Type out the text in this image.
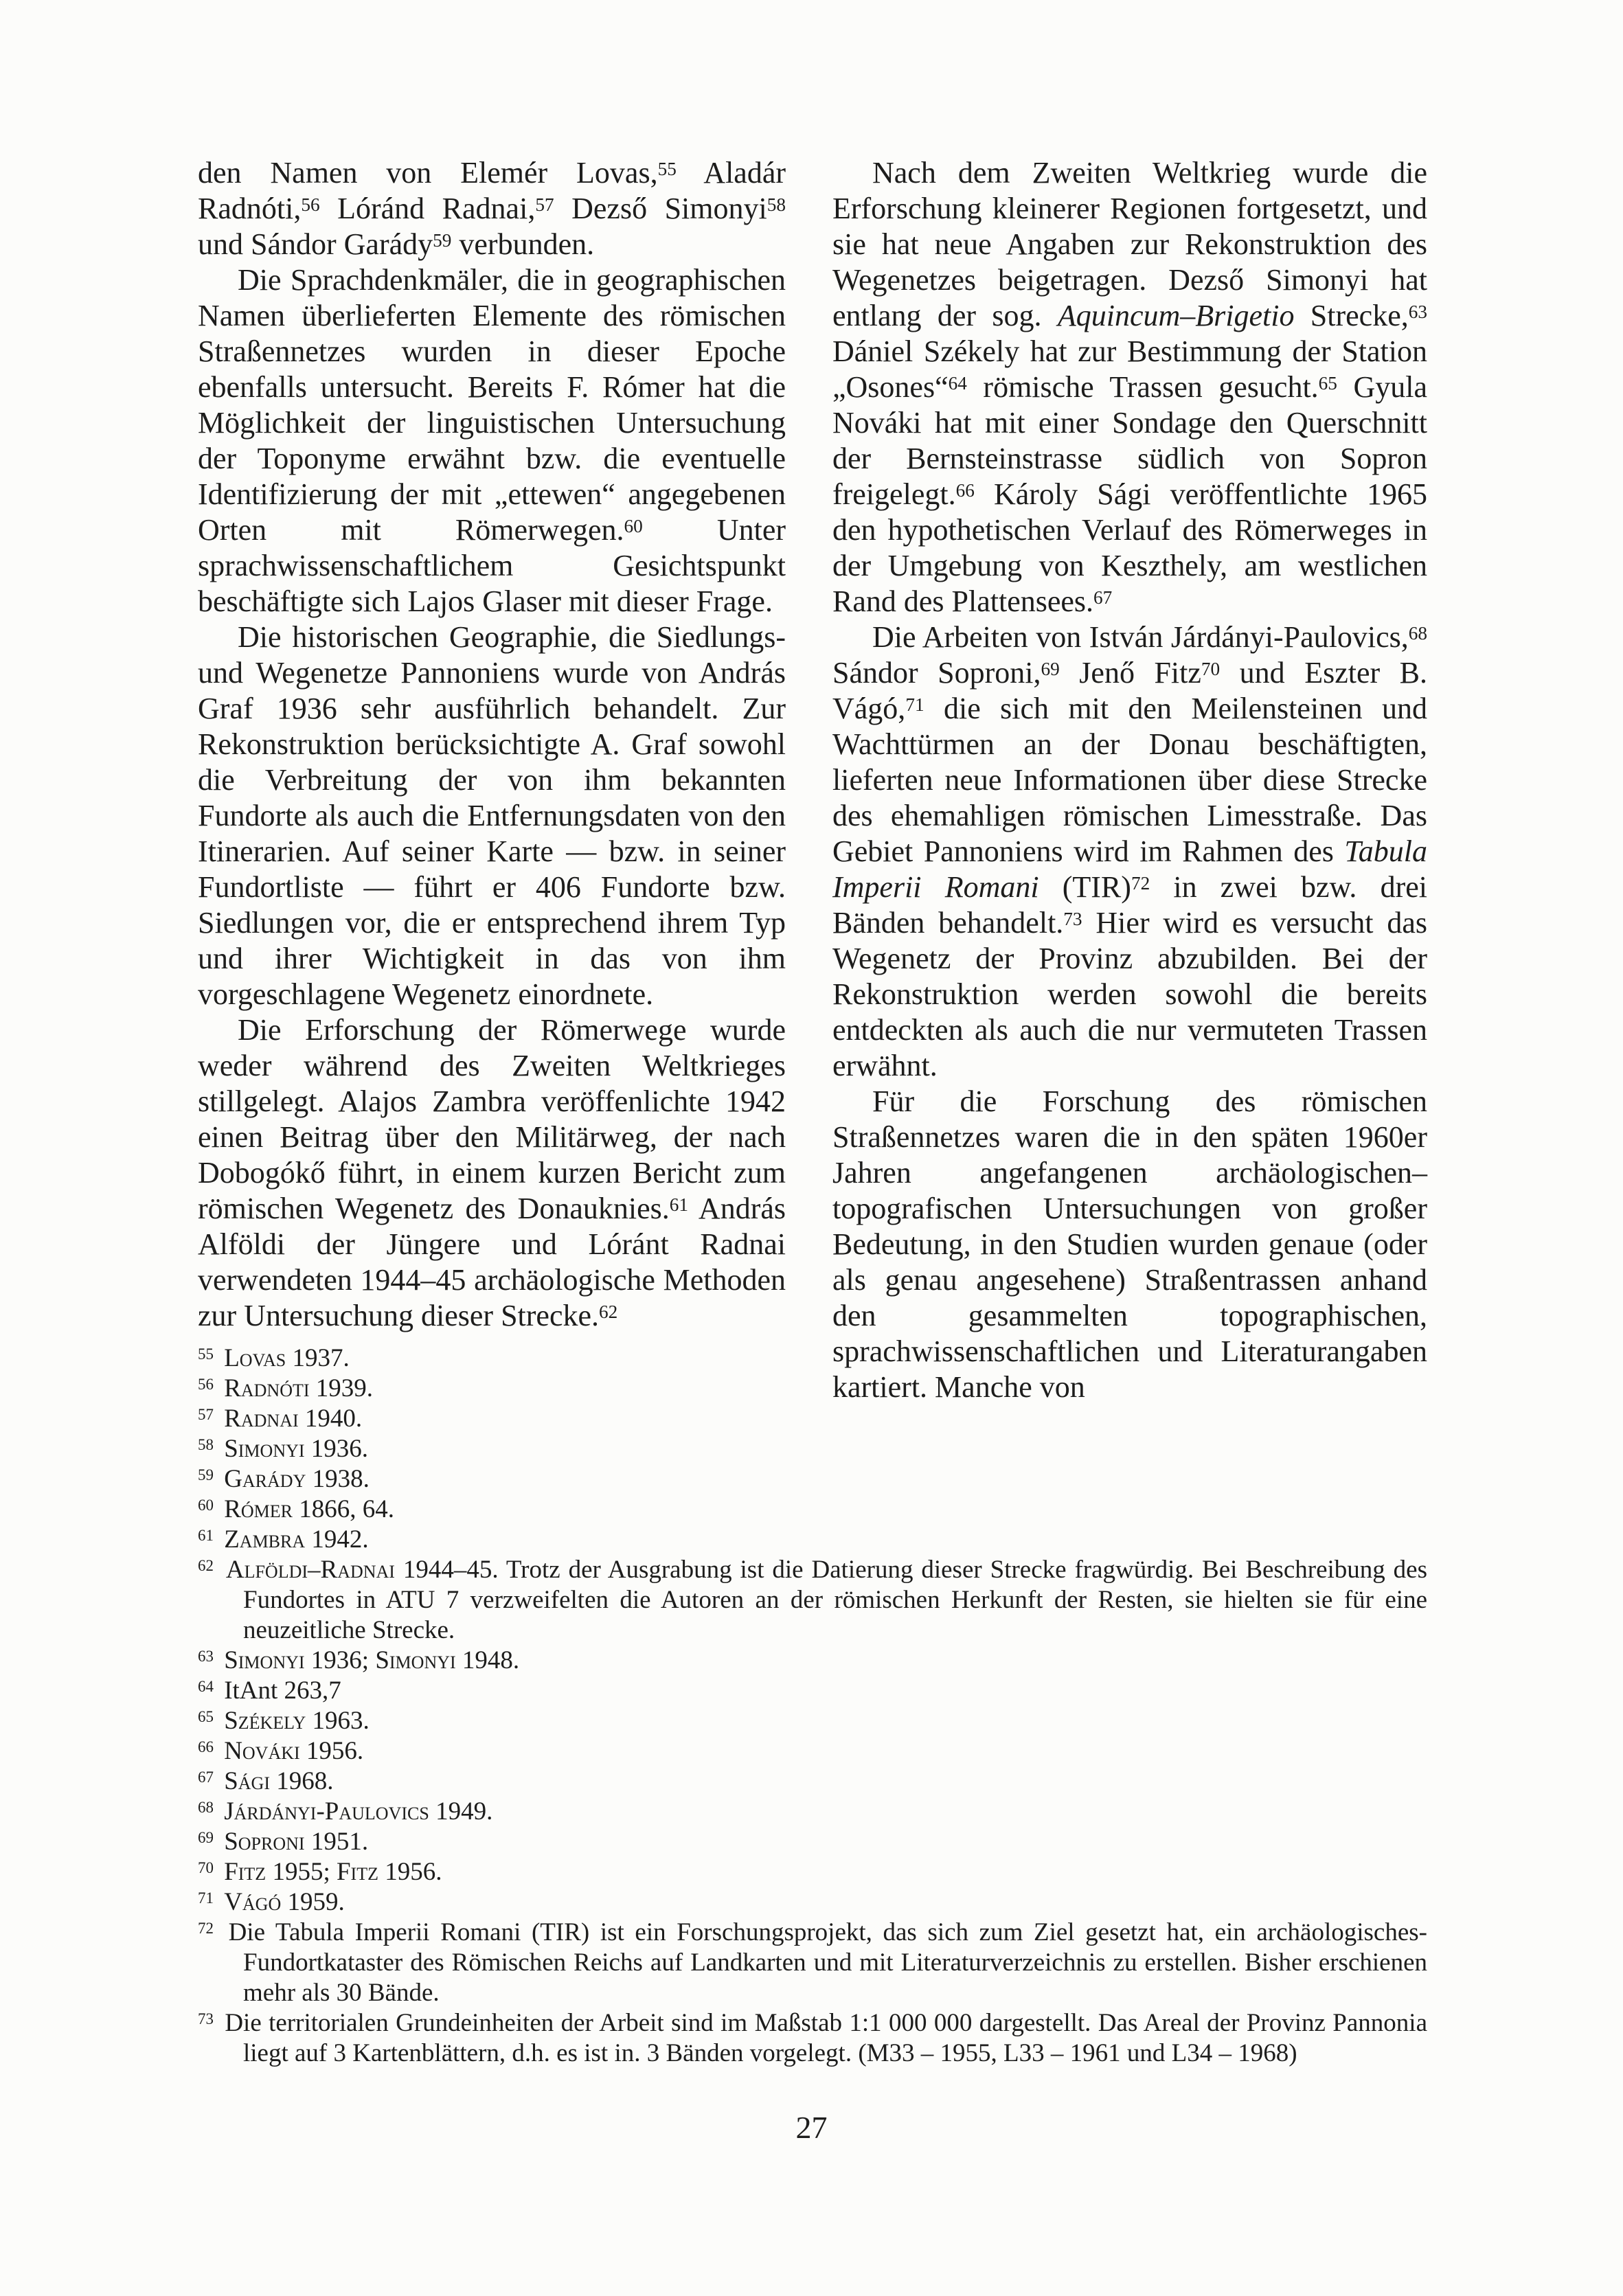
den Namen von Elemér Lovas,$^{55}$ Aladár Radnóti,$^{56}$ Lóránd Radnai,$^{57}$ Dezső Simonyi$^{58}$ und Sándor Garády$^{59}$ verbunden.

Die Sprachdenkmäler, die in geographischen Namen überlieferten Elemente des römischen Straßennetzes wurden in dieser Epoche ebenfalls untersucht. Bereits F. Rómer hat die Möglichkeit der linguistischen Untersuchung der Toponyme erwähnt bzw. die eventuelle Identifizierung der mit „ettewen“ angegebenen Orten mit Römerwegen.$^{60}$ Unter sprachwissenschaftlichem Gesichtspunkt beschäftigte sich Lajos Glaser mit dieser Frage.

Die historischen Geographie, die Siedlungs- und Wegenetze Pannoniens wurde von András Graf 1936 sehr ausführlich behandelt. Zur Rekonstruktion berücksichtigte A. Graf sowohl die Verbreitung der von ihm bekannten Fundorte als auch die Entfernungsdaten von den Itinerarien. Auf seiner Karte — bzw. in seiner Fundortliste — führt er 406 Fundorte bzw. Siedlungen vor, die er entsprechend ihrem Typ und ihrer Wichtigkeit in das von ihm vorgeschlagene Wegenetz einordnete.

Die Erforschung der Römerwege wurde weder während des Zweiten Weltkrieges stillgelegt. Alajos Zambra veröffenlichte 1942 einen Beitrag über den Militärweg, der nach Dobogókő führt, in einem kurzen Bericht zum römischen Wegenetz des Donauknies.$^{61}$ András Alföldi der Jüngere und Lóránt Radnai verwendeten 1944–45 archäologische Methoden zur Untersuchung dieser Strecke.$^{62}$

Nach dem Zweiten Weltkrieg wurde die Erforschung kleinerer Regionen fortgesetzt, und sie hat neue Angaben zur Rekonstruktion des Wegenetzes beigetragen. Dezső Simonyi hat entlang der sog. Aquincum–Brigetio Strecke,$^{63}$ Dániel Székely hat zur Bestimmung der Station „Osones“$^{64}$ römische Trassen gesucht.$^{65}$ Gyula Nováki hat mit einer Sondage den Querschnitt der Bernsteinstrasse südlich von Sopron freigelegt.$^{66}$ Károly Sági veröffentlichte 1965 den hypothetischen Verlauf des Römerweges in der Umgebung von Keszthely, am westlichen Rand des Plattensees.$^{67}$

Die Arbeiten von István Járdányi-Paulovics,$^{68}$ Sándor Soproni,$^{69}$ Jenő Fitz$^{70}$ und Eszter B. Vágó,$^{71}$ die sich mit den Meilensteinen und Wachttürmen an der Donau beschäftigten, lieferten neue Informationen über diese Strecke des ehemahligen römischen Limesstraße. Das Gebiet Pannoniens wird im Rahmen des Tabula Imperii Romani (TIR)$^{72}$ in zwei bzw. drei Bänden behandelt.$^{73}$ Hier wird es versucht das Wegenetz der Provinz abzubilden. Bei der Rekonstruktion werden sowohl die bereits entdeckten als auch die nur vermuteten Trassen erwähnt.

Für die Forschung des römischen Straßennetzes waren die in den späten 1960er Jahren angefangenen archäologischen–topografischen Untersuchungen von großer Bedeutung, in den Studien wurden genaue (oder als genau angesehene) Straßentrassen anhand den gesammelten topographischen, sprachwissenschaftlichen und Literaturangaben kartiert. Manche von

$^{55}$ Lovas 1937.
$^{56}$ Radnóti 1939.
$^{57}$ Radnai 1940.
$^{58}$ Simonyi 1936.
$^{59}$ Garády 1938.
$^{60}$ Rómer 1866, 64.
$^{61}$ Zambra 1942.
$^{62}$ Alföldi–Radnai 1944–45. Trotz der Ausgrabung ist die Datierung dieser Strecke fragwürdig. Bei Beschreibung des Fundortes in ATU 7 verzweifelten die Autoren an der römischen Herkunft der Resten, sie hielten sie für eine neuzeitliche Strecke.
$^{63}$ Simonyi 1936; Simonyi 1948.
$^{64}$ ItAnt 263,7
$^{65}$ Székely 1963.
$^{66}$ Nováki 1956.
$^{67}$ Sági 1968.
$^{68}$ Járdányi-Paulovics 1949.
$^{69}$ Soproni 1951.
$^{70}$ Fitz 1955; Fitz 1956.
$^{71}$ Vágó 1959.
$^{72}$ Die Tabula Imperii Romani (TIR) ist ein Forschungsprojekt, das sich zum Ziel gesetzt hat, ein archäologisches-Fundortkataster des Römischen Reichs auf Landkarten und mit Literaturverzeichnis zu erstellen. Bisher erschienen mehr als 30 Bände.
$^{73}$ Die territorialen Grundeinheiten der Arbeit sind im Maßstab 1:1 000 000 dargestellt. Das Areal der Provinz Pannonia liegt auf 3 Kartenblättern, d.h. es ist in. 3 Bänden vorgelegt. (M33 – 1955, L33 – 1961 und L34 – 1968)
27
